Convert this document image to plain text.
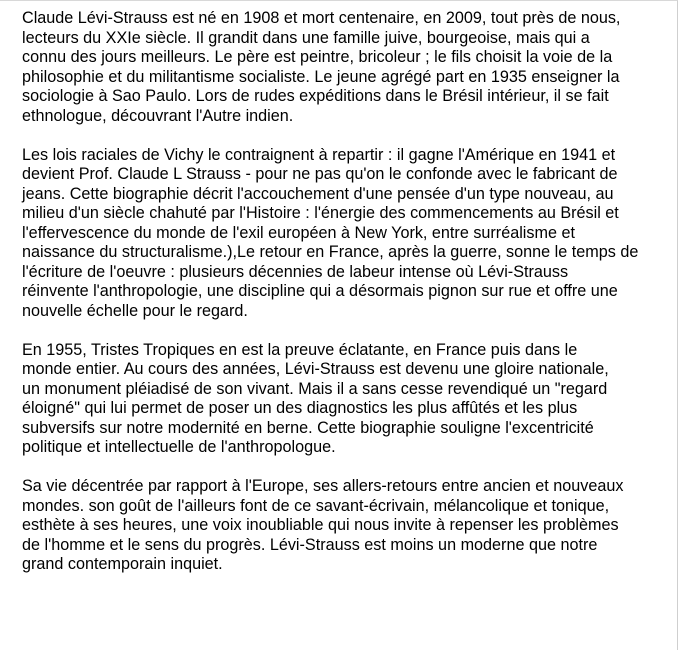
Claude Lévi-Strauss est né en 1908 et mort centenaire, en 2009, tout près de nous,
lecteurs du XXIe siècle. Il grandit dans une famille juive, bourgeoise, mais qui a
connu des jours meilleurs. Le père est peintre, bricoleur ; le fils choisit la voie de la
philosophie et du militantisme socialiste. Le jeune agrégé part en 1935 enseigner la
sociologie à Sao Paulo. Lors de rudes expéditions dans le Brésil intérieur, il se fait
ethnologue, découvrant l'Autre indien.

Les lois raciales de Vichy le contraignent à repartir : il gagne l'Amérique en 1941 et
devient Prof. Claude L Strauss - pour ne pas qu'on le confonde avec le fabricant de
jeans. Cette biographie décrit l'accouchement d'une pensée d'un type nouveau, au
milieu d'un siècle chahuté par l'Histoire : l'énergie des commencements au Brésil et
l'effervescence du monde de l'exil européen à New York, entre surréalisme et
naissance du structuralisme.),Le retour en France, après la guerre, sonne le temps de
l'écriture de l'oeuvre : plusieurs décennies de labeur intense où Lévi-Strauss
réinvente l'anthropologie, une discipline qui a désormais pignon sur rue et offre une
nouvelle échelle pour le regard.

En 1955, Tristes Tropiques en est la preuve éclatante, en France puis dans le
monde entier. Au cours des années, Lévi-Strauss est devenu une gloire nationale,
un monument pléiadisé de son vivant. Mais il a sans cesse revendiqué un "regard
éloigné" qui lui permet de poser un des diagnostics les plus affûtés et les plus
subversifs sur notre modernité en berne. Cette biographie souligne l'excentricité
politique et intellectuelle de l'anthropologue.

Sa vie décentrée par rapport à l'Europe, ses allers-retours entre ancien et nouveaux
mondes. son goût de l'ailleurs font de ce savant-écrivain, mélancolique et tonique,
esthète à ses heures, une voix inoubliable qui nous invite à repenser les problèmes
de l'homme et le sens du progrès. Lévi-Strauss est moins un moderne que notre
grand contemporain inquiet.
